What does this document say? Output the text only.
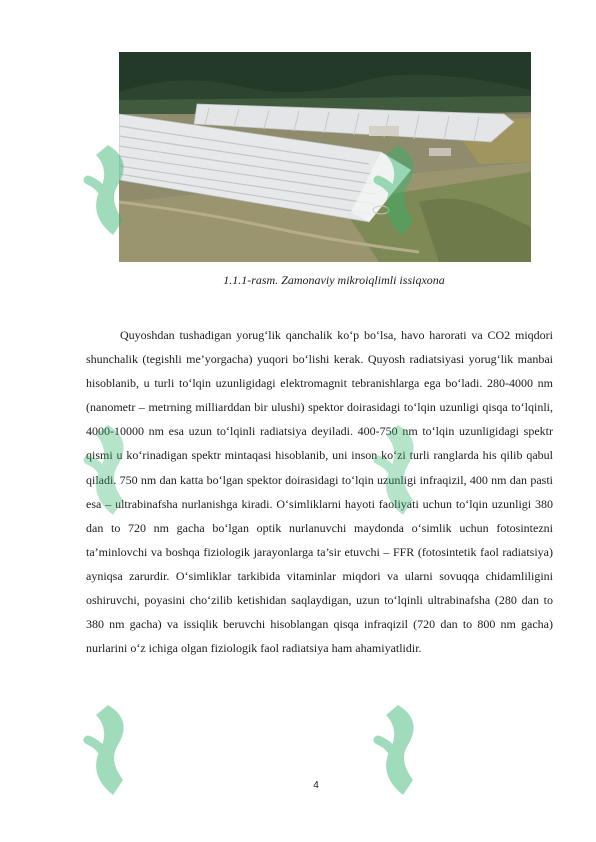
1.1.1-rasm. Zamonaviy mikroiqlimli issiqxona

Quyoshdan tushadigan yorug‘lik qanchalik ko‘p bo‘lsa, havo harorati va CO2 miqdori shunchalik (tegishli me’yorgacha) yuqori bo‘lishi kerak. Quyosh radiatsiyasi yorug‘lik manbai hisoblanib, u turli to‘lqin uzunligidagi elektromagnit tebranishlarga ega bo‘ladi. 280-4000 nm (nanometr – metrning milliarddan bir ulushi) spektor doirasidagi to‘lqin uzunligi qisqa to‘lqinli, 4000-10000 nm esa uzun to‘lqinli radiatsiya deyiladi. 400-750 nm to‘lqin uzunligidagi spektr qismi u ko‘rinadigan spektr mintaqasi hisoblanib, uni inson ko‘zi turli ranglarda his qilib qabul qiladi. 750 nm dan katta bo‘lgan spektor doirasidagi to‘lqin uzunligi infraqizil, 400 nm dan pasti esa – ultrabinafsha nurlanishga kiradi. O‘simliklarni hayoti faoliyati uchun to‘lqin uzunligi 380 dan to 720 nm gacha bo‘lgan optik nurlanuvchi maydonda o‘simlik uchun fotosintezni ta’minlovchi va boshqa fiziologik jarayonlarga ta’sir etuvchi – FFR (fotosintetik faol radiatsiya) ayniqsa zarurdir. O‘simliklar tarkibida vitaminlar miqdori va ularni sovuqqa chidamliligini oshiruvchi, poyasini cho‘zilib ketishidan saqlaydigan, uzun to‘lqinli ultrabinafsha (280 dan to 380 nm gacha) va issiqlik beruvchi hisoblangan qisqa infraqizil (720 dan to 800 nm gacha) nurlarini o‘z ichiga olgan fiziologik faol radiatsiya ham ahamiyatlidir.

4
